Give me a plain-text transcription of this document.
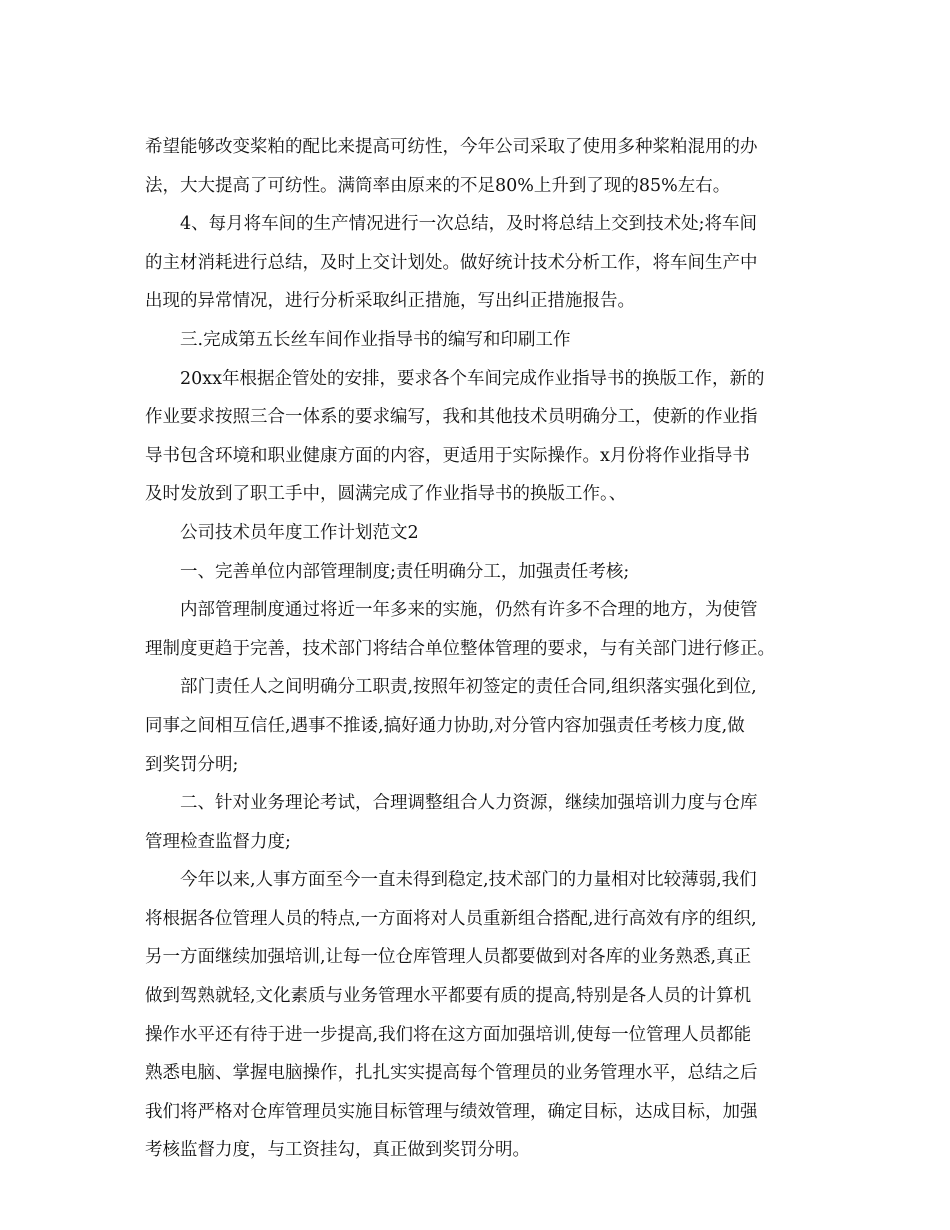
希望能够改变桨粕的配比来提高可纺性，今年公司采取了使用多种桨粕混用的办
法，大大提高了可纺性。满筒率由原来的不足80%上升到了现的85%左右。
4、每月将车间的生产情况进行一次总结，及时将总结上交到技术处;将车间
的主材消耗进行总结，及时上交计划处。做好统计技术分析工作，将车间生产中
出现的异常情况，进行分析采取纠正措施，写出纠正措施报告。
三.完成第五长丝车间作业指导书的编写和印刷工作
20xx年根据企管处的安排，要求各个车间完成作业指导书的换版工作，新的
作业要求按照三合一体系的要求编写，我和其他技术员明确分工，使新的作业指
导书包含环境和职业健康方面的内容，更适用于实际操作。x月份将作业指导书
及时发放到了职工手中，圆满完成了作业指导书的换版工作。、
公司技术员年度工作计划范文2
一、完善单位内部管理制度;责任明确分工，加强责任考核;
内部管理制度通过将近一年多来的实施，仍然有许多不合理的地方，为使管
理制度更趋于完善，技术部门将结合单位整体管理的要求，与有关部门进行修正。
部门责任人之间明确分工职责,按照年初签定的责任合同,组织落实强化到位,
同事之间相互信任,遇事不推诿,搞好通力协助,对分管内容加强责任考核力度,做
到奖罚分明;
二、针对业务理论考试，合理调整组合人力资源，继续加强培训力度与仓库
管理检查监督力度;
今年以来,人事方面至今一直未得到稳定,技术部门的力量相对比较薄弱,我们
将根据各位管理人员的特点,一方面将对人员重新组合搭配,进行高效有序的组织,
另一方面继续加强培训,让每一位仓库管理人员都要做到对各库的业务熟悉,真正
做到驾熟就轻,文化素质与业务管理水平都要有质的提高,特别是各人员的计算机
操作水平还有待于进一步提高,我们将在这方面加强培训,使每一位管理人员都能
熟悉电脑、掌握电脑操作，扎扎实实提高每个管理员的业务管理水平，总结之后
我们将严格对仓库管理员实施目标管理与绩效管理，确定目标，达成目标，加强
考核监督力度，与工资挂勾，真正做到奖罚分明。
